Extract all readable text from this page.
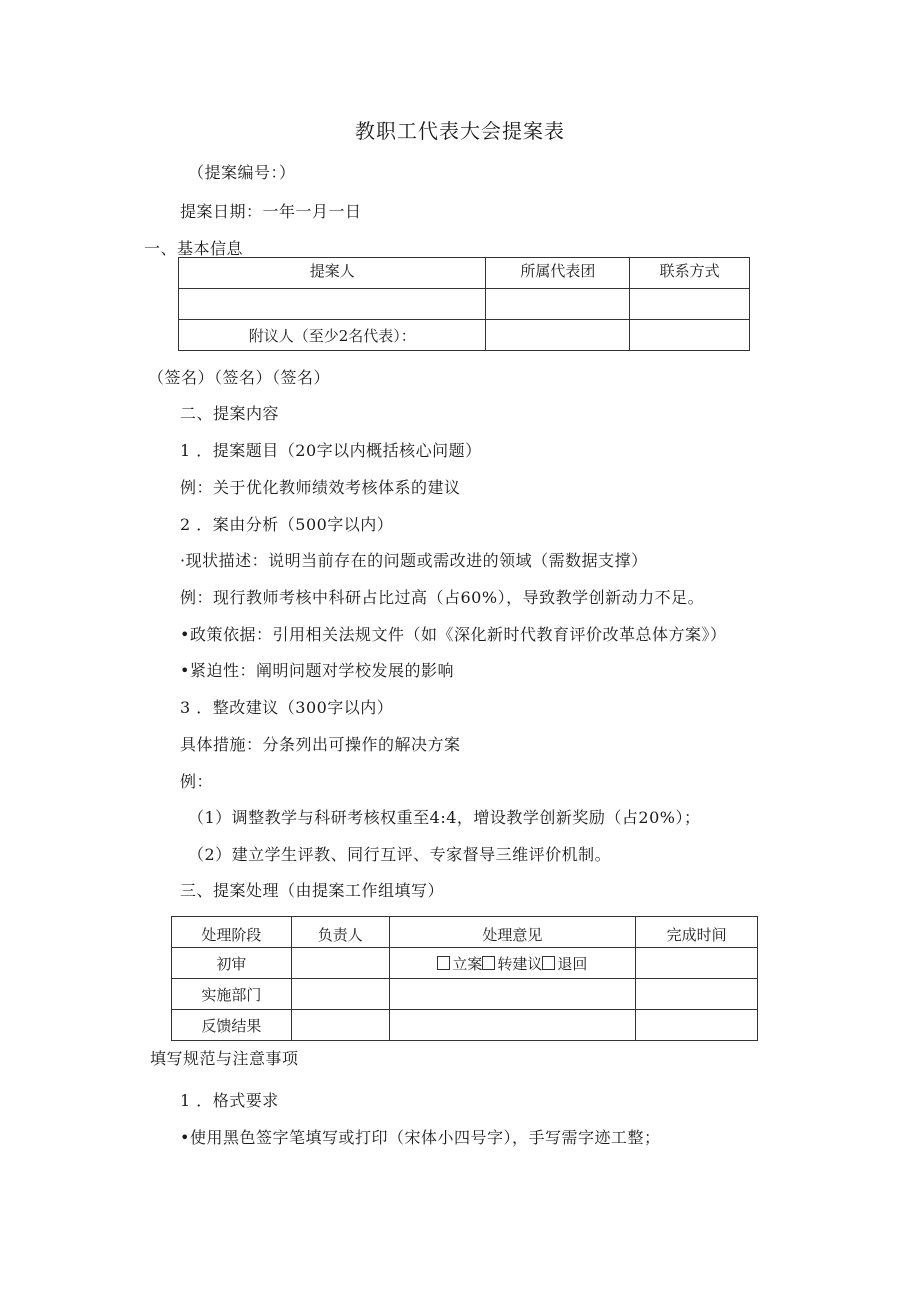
教职工代表大会提案表
（提案编号：）
提案日期：一年一月一日
一、基本信息
提案人	所属代表团	联系方式

附议人（至少2名代表）：		
（签名）（签名）（签名）
二、提案内容
1 ．提案题目（20字以内概括核心问题）
例：关于优化教师绩效考核体系的建议
2 ．案由分析（500字以内）
·现状描述：说明当前存在的问题或需改进的领域（需数据支撑）
例：现行教师考核中科研占比过高（占60%），导致教学创新动力不足。
•政策依据：引用相关法规文件（如《深化新时代教育评价改革总体方案》）
•紧迫性：阐明问题对学校发展的影响
3 ．整改建议（300字以内）
具体措施：分条列出可操作的解决方案
例：
（1）调整教学与科研考核权重至4:4，增设教学创新奖励（占20%）；
（2）建立学生评教、同行互评、专家督导三维评价机制。
三、提案处理（由提案工作组填写）
处理阶段	负责人	处理意见	完成时间
初审		立案 转建议 退回	
实施部门			
反馈结果			
填写规范与注意事项
1 ．格式要求
•使用黑色签字笔填写或打印（宋体小四号字），手写需字迹工整；
